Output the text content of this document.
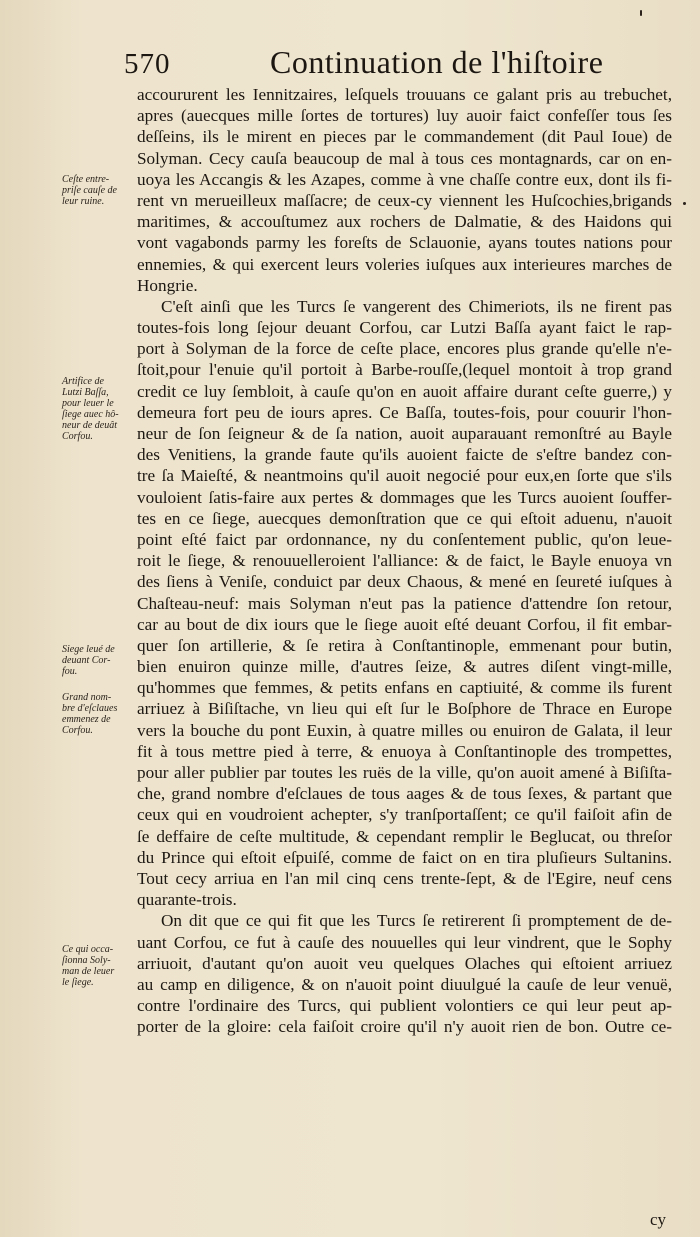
570	Continuation de l'hiſtoire
accoururent les Iennitzaires, leſquels trouuans ce galant pris au trebuchet,
apres (auecques mille ſortes de tortures) luy auoir faict confeſſer tous ſes
deſſeins, ils le mirent en pieces par le commandement (dit Paul Ioue) de
Solyman. Cecy cauſa beaucoup de mal à tous ces montagnards, car on en-
uoya les Accangis & les Azapes, comme à vne chaſſe contre eux, dont ils fi-
rent vn merueilleux maſſacre; de ceux-cy viennent les Huſcochies,brigands
maritimes, & accouſtumez aux rochers de Dalmatie, & des Haidons qui
vont vagabonds parmy les foreſts de Sclauonie, ayans toutes nations pour
ennemies, & qui exercent leurs voleries iuſques aux interieures marches de
Hongrie.
C'eſt ainſi que les Turcs ſe vangerent des Chimeriots, ils ne firent pas
toutes-fois long ſejour deuant Corfou, car Lutzi Baſſa ayant faict le rap-
port à Solyman de la force de ceſte place, encores plus grande qu'elle n'e-
ſtoit,pour l'enuie qu'il portoit à Barbe-rouſſe,(lequel montoit à trop grand
credit ce luy ſembloit, à cauſe qu'on en auoit affaire durant ceſte guerre,) y
demeura fort peu de iours apres. Ce Baſſa, toutes-fois, pour couurir l'hon-
neur de ſon ſeigneur & de ſa nation, auoit auparauant remonſtré au Bayle
des Venitiens, la grande faute qu'ils auoient faicte de s'eſtre bandez con-
tre ſa Maieſté, & neantmoins qu'il auoit negocié pour eux,en ſorte que s'ils
vouloient ſatis-faire aux pertes & dommages que les Turcs auoient ſouffer-
tes en ce ſiege, auecques demonſtration que ce qui eſtoit aduenu, n'auoit
point eſté faict par ordonnance, ny du conſentement public, qu'on leue-
roit le ſiege, & renouuelleroient l'alliance: & de faict, le Bayle enuoya vn
des ſiens à Veniſe, conduict par deux Chaous, & mené en ſeureté iuſques à
Chaſteau-neuf: mais Solyman n'eut pas la patience d'attendre ſon retour,
car au bout de dix iours que le ſiege auoit eſté deuant Corfou, il fit embar-
quer ſon artillerie, & ſe retira à Conſtantinople, emmenant pour butin,
bien enuiron quinze mille, d'autres ſeize, & autres diſent vingt-mille,
qu'hommes que femmes, & petits enfans en captiuité, & comme ils furent
arriuez à Biſiſtache, vn lieu qui eſt ſur le Boſphore de Thrace en Europe
vers la bouche du pont Euxin, à quatre milles ou enuiron de Galata, il leur
fit à tous mettre pied à terre, & enuoya à Conſtantinople des trompettes,
pour aller publier par toutes les ruës de la ville, qu'on auoit amené à Biſiſta-
che, grand nombre d'eſclaues de tous aages & de tous ſexes, & partant que
ceux qui en voudroient achepter, s'y tranſportaſſent; ce qu'il faiſoit afin de
ſe deffaire de ceſte multitude, & cependant remplir le Beglucat, ou threſor
du Prince qui eſtoit eſpuiſé, comme de faict on en tira pluſieurs Sultanins.
Tout cecy arriua en l'an mil cinq cens trente-ſept, & de l'Egire, neuf cens
quarante-trois.
On dit que ce qui fit que les Turcs ſe retirerent ſi promptement de de-
uant Corfou, ce fut à cauſe des nouuelles qui leur vindrent, que le Sophy
arriuoit, d'autant qu'on auoit veu quelques Olaches qui eſtoient arriuez
au camp en diligence, & on n'auoit point diuulgué la cauſe de leur venuë,
contre l'ordinaire des Turcs, qui publient volontiers ce qui leur peut ap-
porter de la gloire: cela faiſoit croire qu'il n'y auoit rien de bon. Outre ce-
Ceſte entre-
priſe cauſe de
leur ruine.
Artifice de
Lutzi Baſſa,
pour leuer le
ſiege auec hô-
neur de deuât
Corfou.
Siege leué de
deuant Cor-
fou.
Grand nom-
bre d'eſclaues
emmenez de
Corfou.
Ce qui occa-
ſionna Soly-
man de leuer
le ſiege.
cy
